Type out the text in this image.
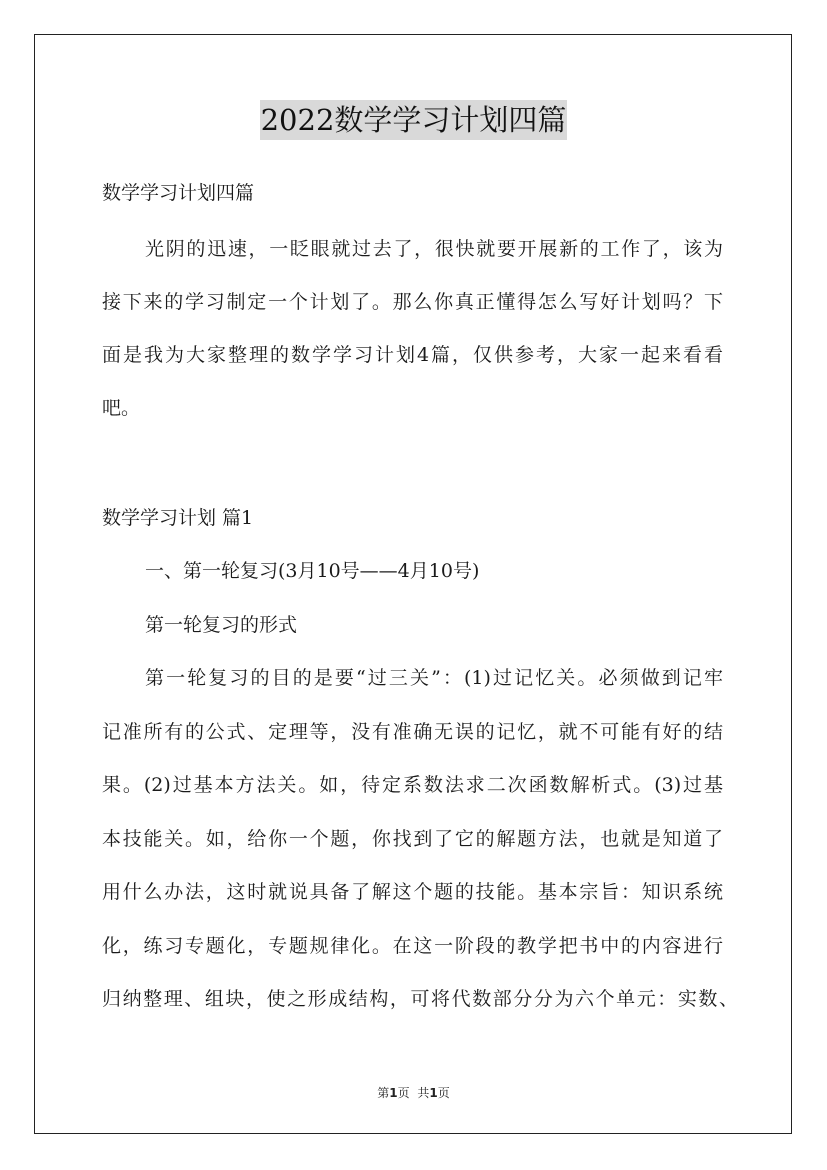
2022数学学习计划四篇
数学学习计划四篇
光阴的迅速，一眨眼就过去了，很快就要开展新的工作了，该为
接下来的学习制定一个计划了。那么你真正懂得怎么写好计划吗？下
面是我为大家整理的数学学习计划4篇，仅供参考，大家一起来看看
吧。
数学学习计划 篇1
一、第一轮复习(3月10号——4月10号)
第一轮复习的形式
第一轮复习的目的是要“过三关”：(1)过记忆关。必须做到记牢
记准所有的公式、定理等，没有准确无误的记忆，就不可能有好的结
果。(2)过基本方法关。如，待定系数法求二次函数解析式。(3)过基
本技能关。如，给你一个题，你找到了它的解题方法，也就是知道了
用什么办法，这时就说具备了解这个题的技能。基本宗旨：知识系统
化，练习专题化，专题规律化。在这一阶段的教学把书中的内容进行
归纳整理、组块，使之形成结构，可将代数部分分为六个单元：实数、
第1页 共1页
